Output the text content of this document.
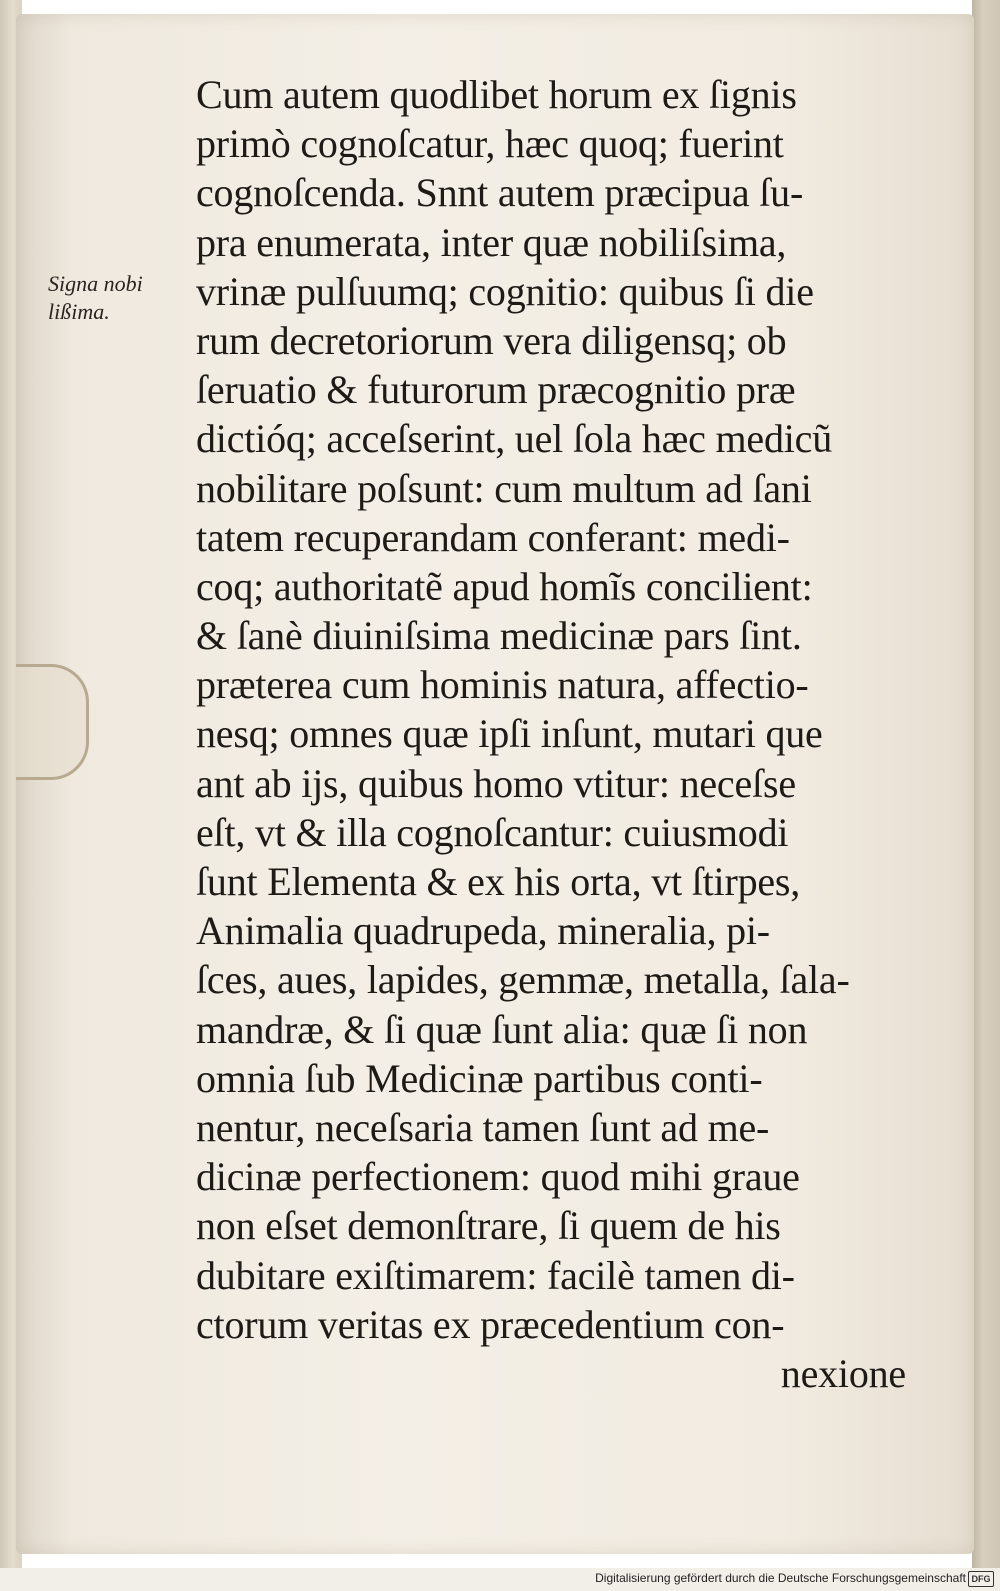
Signa nobi
lißima.
Cum autem quodlibet horum ex ſignis
primò cognoſcatur, hæc quoq; fuerint
cognoſcenda. Snnt autem præcipua ſu-
pra enumerata, inter quæ nobiliſsima,
vrinæ pulſuumq; cognitio: quibus ſi die
rum decretoriorum vera diligensq; ob
ſeruatio & futurorum præcognitio præ
dictióq; acceſserint, uel ſola hæc medicũ
nobilitare poſsunt: cum multum ad ſani
tatem recuperandam conferant: medi-
coq; authoritatẽ apud homĩs concilient:
& ſanè diuiniſsima medicinæ pars ſint.
præterea cum hominis natura, affectio-
nesq; omnes quæ ipſi inſunt, mutari que
ant ab ijs, quibus homo vtitur: neceſse
eſt, vt & illa cognoſcantur: cuiusmodi
ſunt Elementa & ex his orta, vt ſtirpes,
Animalia quadrupeda, mineralia, pi-
ſces, aues, lapides, gemmæ, metalla, ſala-
mandræ, & ſi quæ ſunt alia: quæ ſi non
omnia ſub Medicinæ partibus conti-
nentur, neceſsaria tamen ſunt ad me-
dicinæ perfectionem: quod mihi graue
non eſset demonſtrare, ſi quem de his
dubitare exiſtimarem: facilè tamen di-
ctorum veritas ex præcedentium con-
nexione
Digitalisierung gefördert durch die Deutsche Forschungsgemeinschaft DFG
